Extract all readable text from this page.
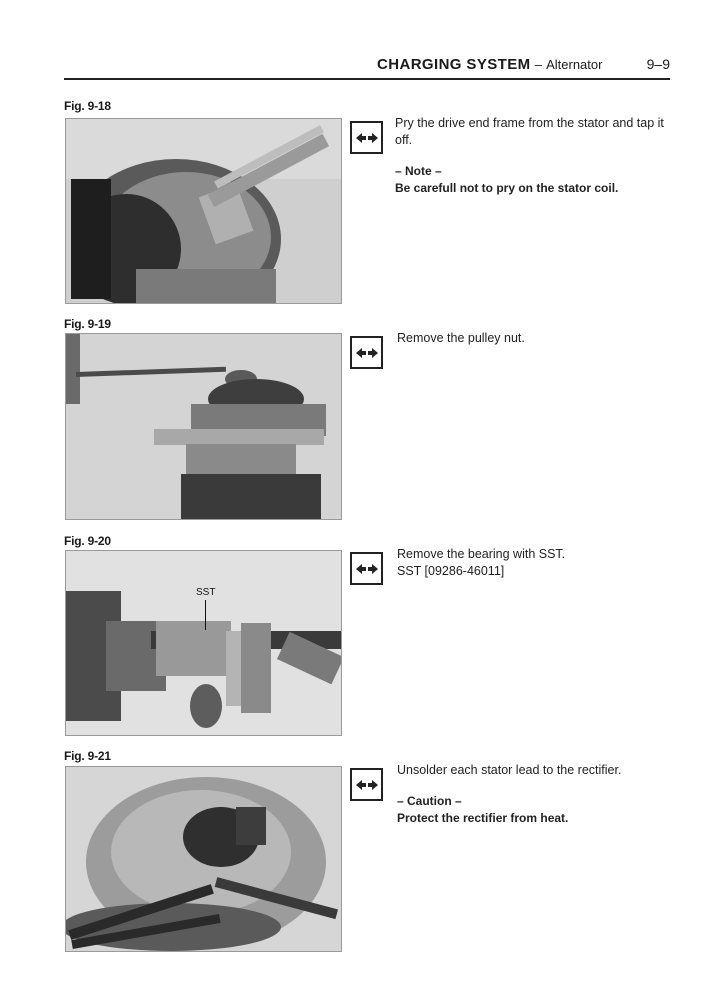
CHARGING SYSTEM – Alternator	9–9
Fig. 9-18
Pry the drive end frame from the stator and tap it off.
– Note –
Be carefull not to pry on the stator coil.
Fig. 9-19
Remove the pulley nut.
Fig. 9-20
SST
Remove the bearing with SST.
SST [09286-46011]
Fig. 9-21
Unsolder each stator lead to the rectifier.
– Caution –
Protect the rectifier from heat.
